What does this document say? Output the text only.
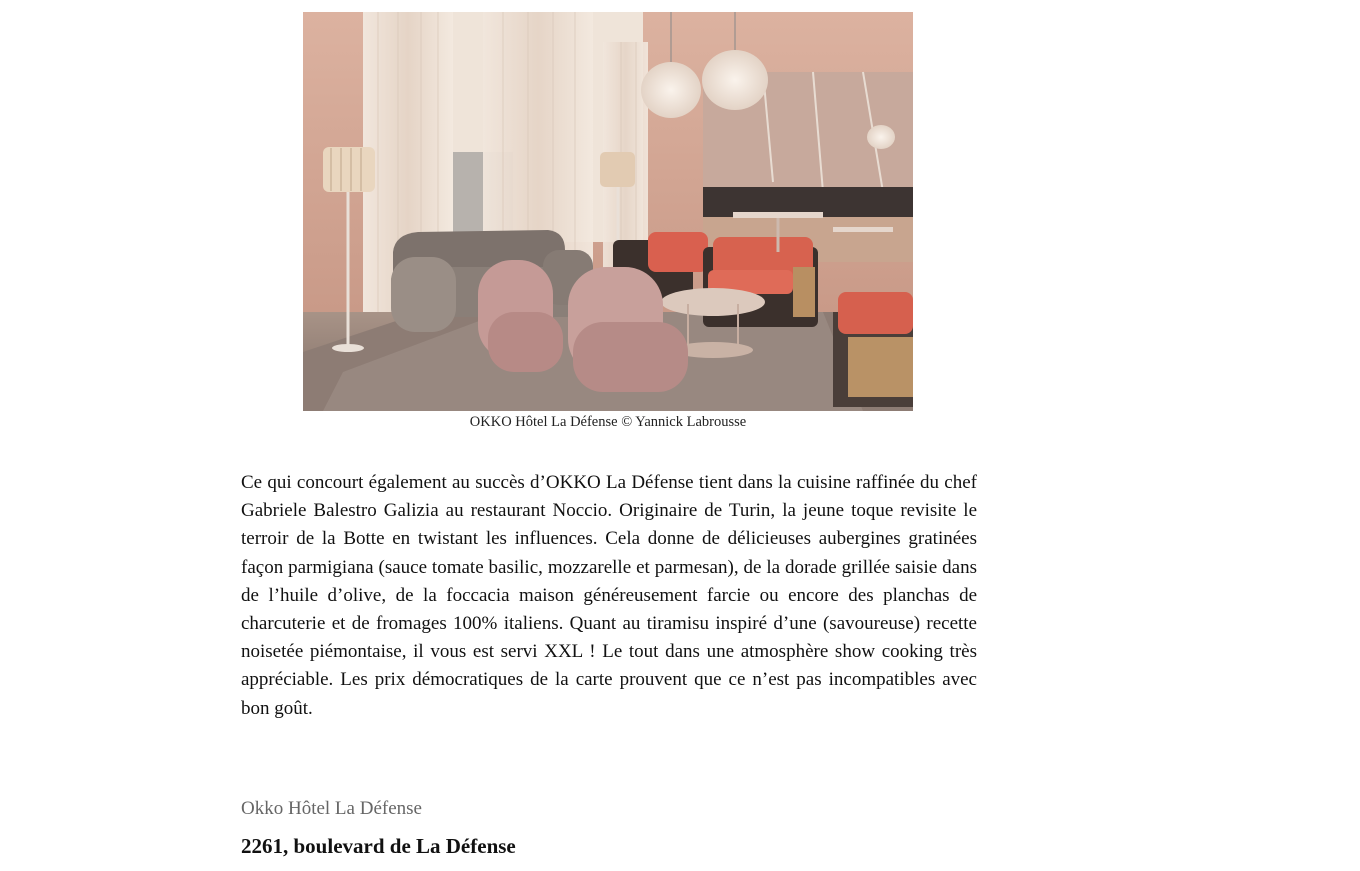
OKKO Hôtel La Défense © Yannick Labrousse

Ce qui concourt également au succès d’OKKO La Défense tient dans la cuisine raffinée du chef Gabriele Balestro Galizia au restaurant Noccio. Originaire de Turin, la jeune toque revisite le terroir de la Botte en twistant les influences. Cela donne de délicieuses aubergines gratinées façon parmigiana (sauce tomate basilic, mozzarelle et parmesan), de la dorade grillée saisie dans de l’huile d’olive, de la foccacia maison généreusement farcie ou encore des planchas de charcuterie et de fromages 100% italiens. Quant au tiramisu inspiré d’une (savoureuse) recette noisetée piémontaise, il vous est servi XXL ! Le tout dans une atmosphère show cooking très appréciable. Les prix démocratiques de la carte prouvent que ce n’est pas incompatibles avec bon goût.

Okko Hôtel La Défense
2261, boulevard de La Défense
